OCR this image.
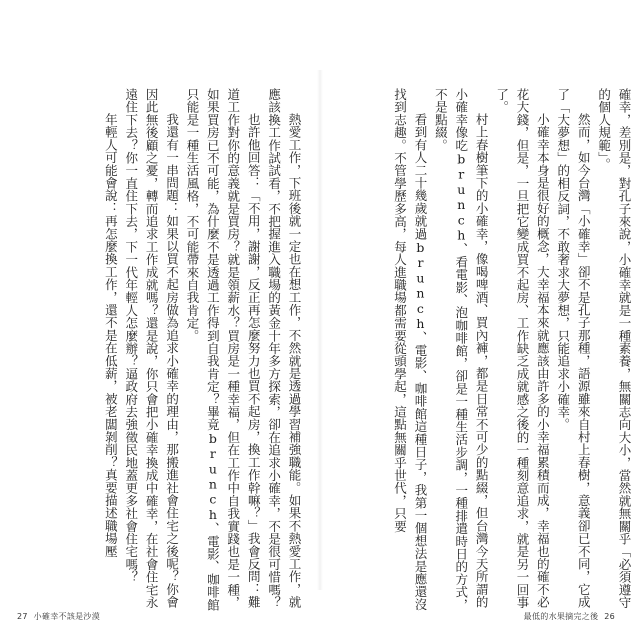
熱愛工作，下班後就一定也在想工作，不然就是透過學習補強職能。如果不熱愛工作，就應該換工作試試看，不把握進入職場的黃金十年多方探索，卻在追求小確幸，不是很可惜嗎？

也許他回答：「不用，謝謝，反正再怎麼努力也買不起房，換工作幹嘛？」我會反問：難道工作對你的意義就是買房？就是領薪水？買房是一種幸福，但在工作中自我實踐也是一種，如果買房已不可能，為什麼不是透過工作得到自我肯定？畢竟brunch、電影、咖啡館只能是一種生活風格，不可能帶來自我肯定。

我還有一串問題：如果以買不起房做為追求小確幸的理由，那搬進社會住宅之後呢？你會因此無後顧之憂，轉而追求工作成就嗎？還是說，你只會把小確幸換成中確幸，在社會住宅永遠住下去？你一直住下去，下一代年輕人怎麼辦？逼政府去強徵民地蓋更多社會住宅嗎？

年輕人可能會說：再怎麼換工作，還不是在低薪，被老闆剝削？真要描述職場壓

27 小確幸不該是沙漠

確幸，差別是，對孔子來說，小確幸就是一種素養，無關志向大小，當然就無關乎「必須遵守的個人規範」。

然而，如今台灣「小確幸」卻不是孔子那種，語源雖來自村上春樹，意義卻已不同，它成了「大夢想」的相反詞，不敢奢求大夢想，只能追求小確幸。

小確幸本身是很好的概念，大幸福本來就應該由許多的小幸福累積而成，幸福也的確不必花大錢，但是，一旦把它變成買不起房、工作缺乏成就感之後的一種刻意追求，就是另一回事了。

村上春樹筆下的小確幸，像喝啤酒、買內褲，都是日常不可少的點綴，但台灣今天所謂的小確幸像吃brunch、看電影、泡咖啡館，卻是一種生活步調，一種排遣時日的方式，不是點綴。

看到有人二十幾歲就過brunch、電影、咖啡館這種日子，我第一個想法是應還沒找到志趣。不管學歷多高，每人進職場都需要從頭學起，這點無關乎世代，只要

最低的水果摘完之後 26
